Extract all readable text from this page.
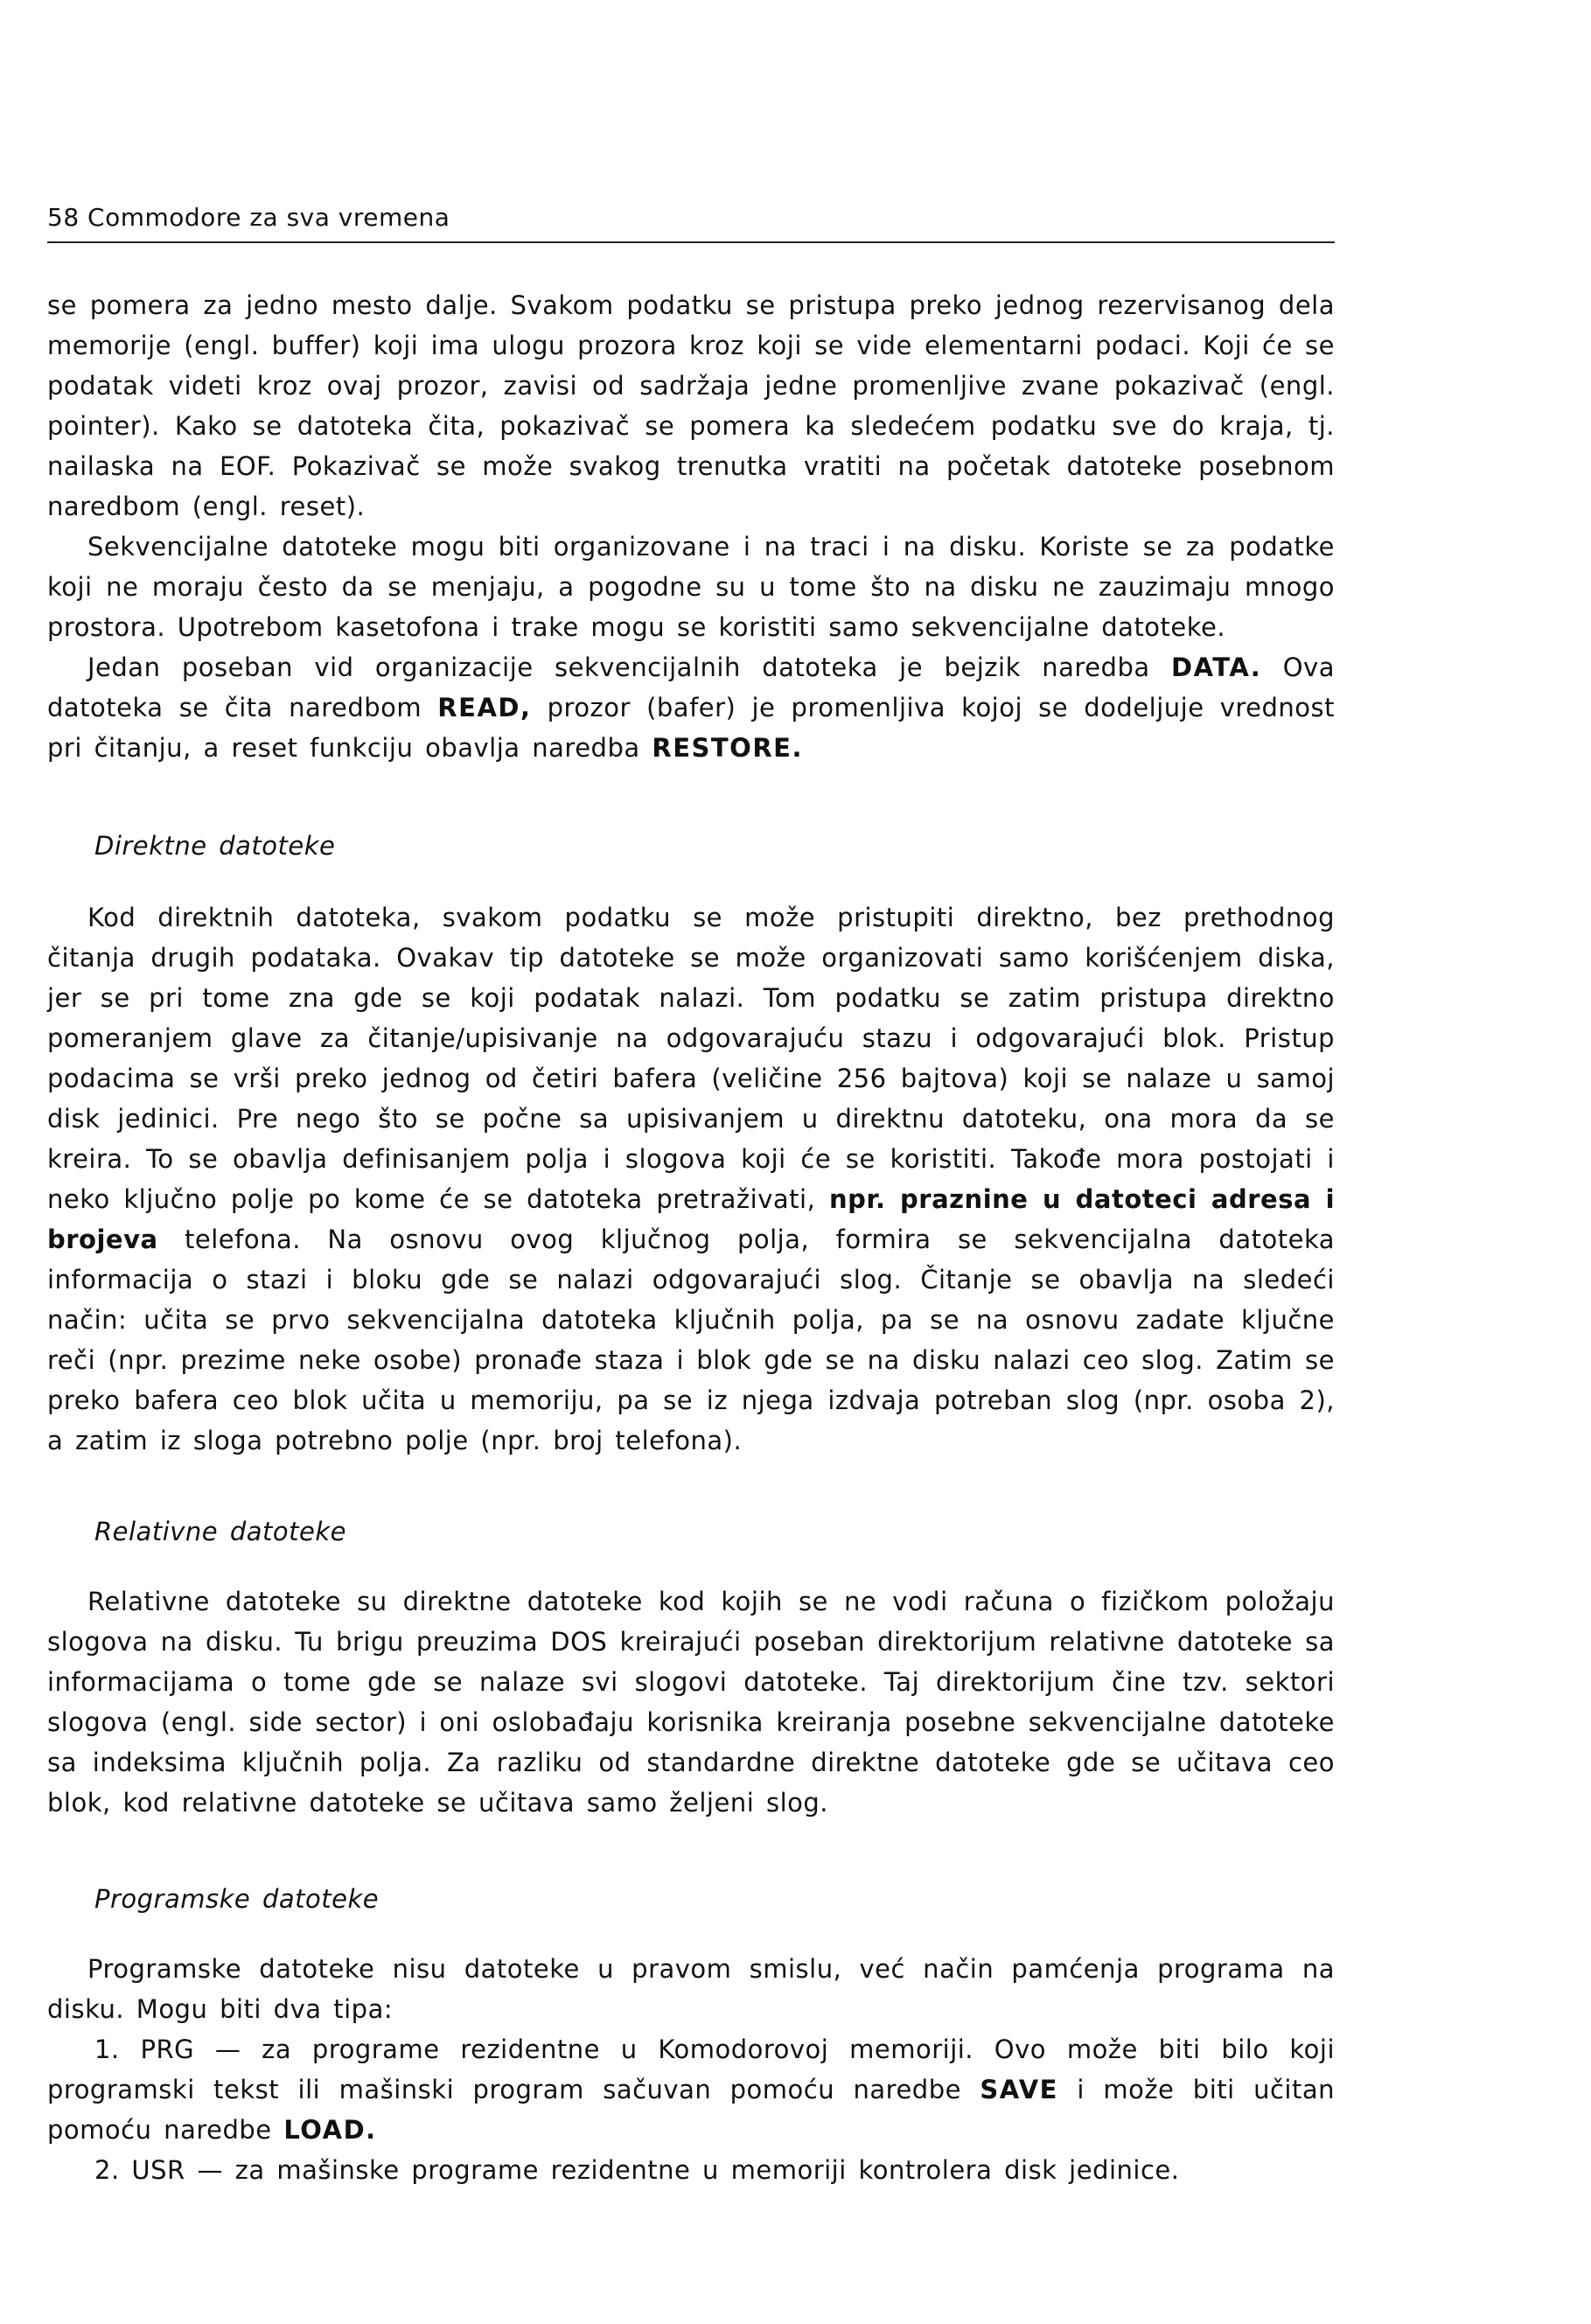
58 Commodore za sva vremena

se pomera za jedno mesto dalje. Svakom podatku se pristupa preko jednog rezervisanog dela memorije (engl. buffer) koji ima ulogu prozora kroz koji se vide elementarni podaci. Koji će se podatak videti kroz ovaj prozor, zavisi od sadržaja jedne promenljive zvane pokazivač (engl. pointer). Kako se datoteka čita, pokazivač se pomera ka sledećem podatku sve do kraja, tj. nailaska na EOF. Pokazivač se može svakog trenutka vratiti na početak datoteke posebnom naredbom (engl. reset).

Sekvencijalne datoteke mogu biti organizovane i na traci i na disku. Koriste se za podatke koji ne moraju često da se menjaju, a pogodne su u tome što na disku ne zauzimaju mnogo prostora. Upotrebom kasetofona i trake mogu se koristiti samo sekvencijalne datoteke.

Jedan poseban vid organizacije sekvencijalnih datoteka je bejzik naredba DATA. Ova datoteka se čita naredbom READ, prozor (bafer) je promenljiva kojoj se dodeljuje vrednost pri čitanju, a reset funkciju obavlja naredba RESTORE.

Direktne datoteke

Kod direktnih datoteka, svakom podatku se može pristupiti direktno, bez prethodnog čitanja drugih podataka. Ovakav tip datoteke se može organizovati samo korišćenjem diska, jer se pri tome zna gde se koji podatak nalazi. Tom podatku se zatim pristupa direktno pomeranjem glave za čitanje/upisivanje na odgovarajuću stazu i odgovarajući blok. Pristup podacima se vrši preko jednog od četiri bafera (veličine 256 bajtova) koji se nalaze u samoj disk jedinici. Pre nego što se počne sa upisivanjem u direktnu datoteku, ona mora da se kreira. To se obavlja definisanjem polja i slogova koji će se koristiti. Takođe mora postojati i neko ključno polje po kome će se datoteka pretraživati, npr. praznine u datoteci adresa i brojeva telefona. Na osnovu ovog ključnog polja, formira se sekvencijalna datoteka informacija o stazi i bloku gde se nalazi odgovarajući slog. Čitanje se obavlja na sledeći način: učita se prvo sekvencijalna datoteka ključnih polja, pa se na osnovu zadate ključne reči (npr. prezime neke osobe) pronađe staza i blok gde se na disku nalazi ceo slog. Zatim se preko bafera ceo blok učita u memoriju, pa se iz njega izdvaja potreban slog (npr. osoba 2), a zatim iz sloga potrebno polje (npr. broj telefona).

Relativne datoteke

Relativne datoteke su direktne datoteke kod kojih se ne vodi računa o fizičkom položaju slogova na disku. Tu brigu preuzima DOS kreirajući poseban direktorijum relativne datoteke sa informacijama o tome gde se nalaze svi slogovi datoteke. Taj direktorijum čine tzv. sektori slogova (engl. side sector) i oni oslobađaju korisnika kreiranja posebne sekvencijalne datoteke sa indeksima ključnih polja. Za razliku od standardne direktne datoteke gde se učitava ceo blok, kod relativne datoteke se učitava samo željeni slog.

Programske datoteke

Programske datoteke nisu datoteke u pravom smislu, već način pamćenja programa na disku. Mogu biti dva tipa:

1. PRG — za programe rezidentne u Komodorovoj memoriji. Ovo može biti bilo koji programski tekst ili mašinski program sačuvan pomoću naredbe SAVE i može biti učitan pomoću naredbe LOAD.

2. USR — za mašinske programe rezidentne u memoriji kontrolera disk jedinice.
